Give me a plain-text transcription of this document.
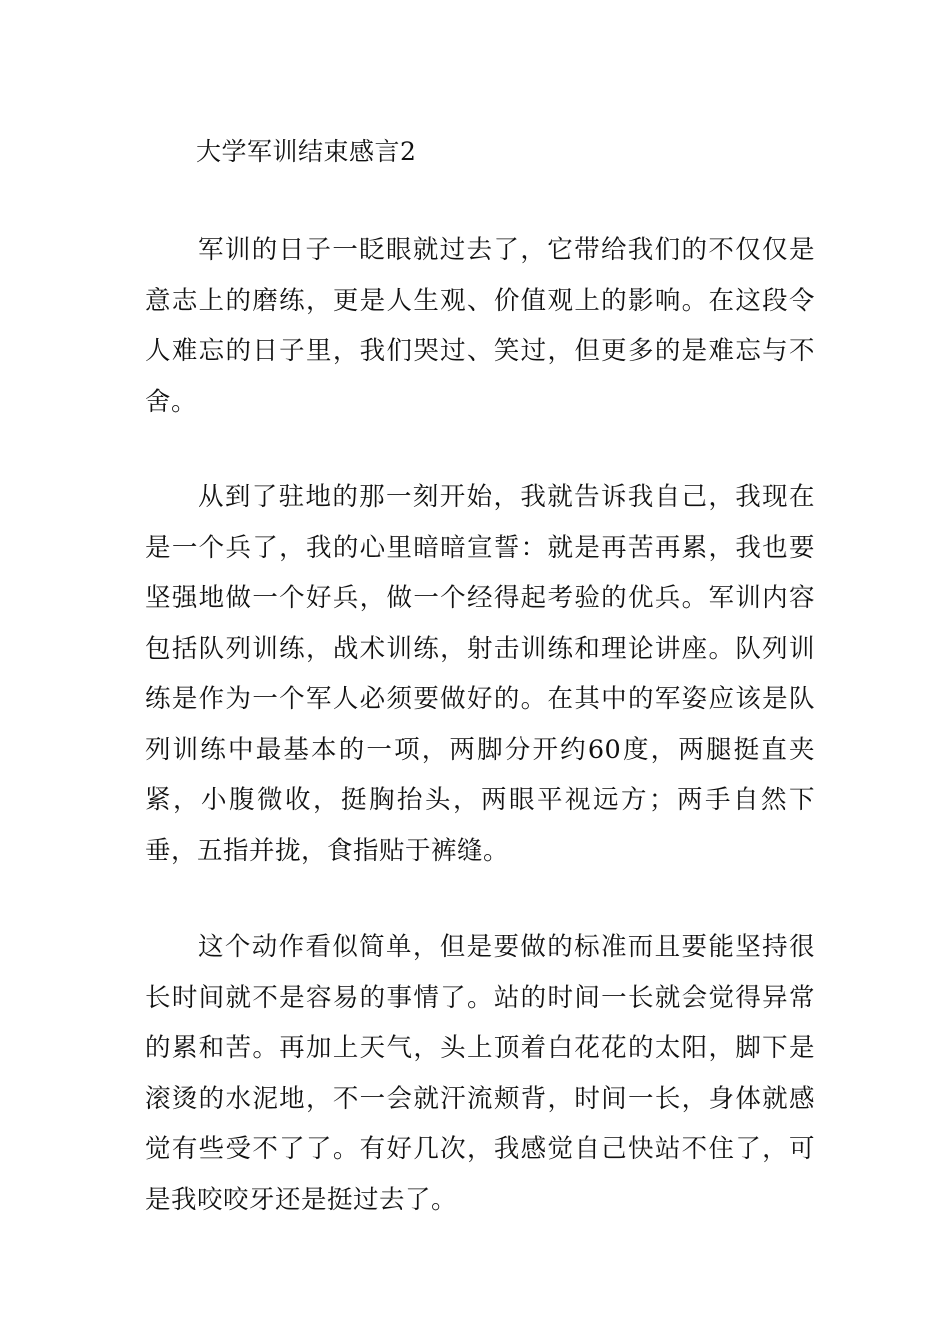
大学军训结束感言2

军训的日子一眨眼就过去了，它带给我们的不仅仅是意志上的磨练，更是人生观、价值观上的影响。在这段令人难忘的日子里，我们哭过、笑过，但更多的是难忘与不舍。

从到了驻地的那一刻开始，我就告诉我自己，我现在是一个兵了，我的心里暗暗宣誓：就是再苦再累，我也要坚强地做一个好兵，做一个经得起考验的优兵。军训内容包括队列训练，战术训练，射击训练和理论讲座。队列训练是作为一个军人必须要做好的。在其中的军姿应该是队列训练中最基本的一项，两脚分开约60度，两腿挺直夹紧，小腹微收，挺胸抬头，两眼平视远方；两手自然下垂，五指并拢，食指贴于裤缝。

这个动作看似简单，但是要做的标准而且要能坚持很长时间就不是容易的事情了。站的时间一长就会觉得异常的累和苦。再加上天气，头上顶着白花花的太阳，脚下是滚烫的水泥地，不一会就汗流颊背，时间一长，身体就感觉有些受不了了。有好几次，我感觉自己快站不住了，可是我咬咬牙还是挺过去了。
